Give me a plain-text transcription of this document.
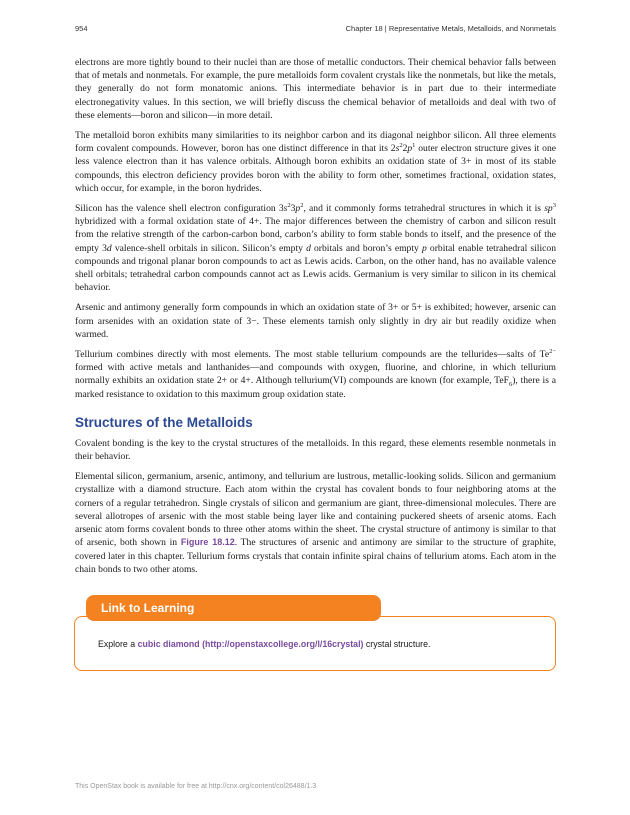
954	Chapter 18 | Representative Metals, Metalloids, and Nonmetals

electrons are more tightly bound to their nuclei than are those of metallic conductors. Their chemical behavior falls between that of metals and nonmetals. For example, the pure metalloids form covalent crystals like the nonmetals, but like the metals, they generally do not form monatomic anions. This intermediate behavior is in part due to their intermediate electronegativity values. In this section, we will briefly discuss the chemical behavior of metalloids and deal with two of these elements—boron and silicon—in more detail.

The metalloid boron exhibits many similarities to its neighbor carbon and its diagonal neighbor silicon. All three elements form covalent compounds. However, boron has one distinct difference in that its $2s^22p^1$ outer electron structure gives it one less valence electron than it has valence orbitals. Although boron exhibits an oxidation state of 3+ in most of its stable compounds, this electron deficiency provides boron with the ability to form other, sometimes fractional, oxidation states, which occur, for example, in the boron hydrides.

Silicon has the valence shell electron configuration $3s^23p^2$, and it commonly forms tetrahedral structures in which it is $sp^3$ hybridized with a formal oxidation state of 4+. The major differences between the chemistry of carbon and silicon result from the relative strength of the carbon-carbon bond, carbon’s ability to form stable bonds to itself, and the presence of the empty 3d valence-shell orbitals in silicon. Silicon’s empty d orbitals and boron’s empty p orbital enable tetrahedral silicon compounds and trigonal planar boron compounds to act as Lewis acids. Carbon, on the other hand, has no available valence shell orbitals; tetrahedral carbon compounds cannot act as Lewis acids. Germanium is very similar to silicon in its chemical behavior.

Arsenic and antimony generally form compounds in which an oxidation state of 3+ or 5+ is exhibited; however, arsenic can form arsenides with an oxidation state of 3−. These elements tarnish only slightly in dry air but readily oxidize when warmed.

Tellurium combines directly with most elements. The most stable tellurium compounds are the tellurides—salts of $Te^{2-}$ formed with active metals and lanthanides—and compounds with oxygen, fluorine, and chlorine, in which tellurium normally exhibits an oxidation state 2+ or 4+. Although tellurium(VI) compounds are known (for example, TeF$_6$), there is a marked resistance to oxidation to this maximum group oxidation state.

Structures of the Metalloids

Covalent bonding is the key to the crystal structures of the metalloids. In this regard, these elements resemble nonmetals in their behavior.

Elemental silicon, germanium, arsenic, antimony, and tellurium are lustrous, metallic-looking solids. Silicon and germanium crystallize with a diamond structure. Each atom within the crystal has covalent bonds to four neighboring atoms at the corners of a regular tetrahedron. Single crystals of silicon and germanium are giant, three-dimensional molecules. There are several allotropes of arsenic with the most stable being layer like and containing puckered sheets of arsenic atoms. Each arsenic atom forms covalent bonds to three other atoms within the sheet. The crystal structure of antimony is similar to that of arsenic, both shown in Figure 18.12. The structures of arsenic and antimony are similar to the structure of graphite, covered later in this chapter. Tellurium forms crystals that contain infinite spiral chains of tellurium atoms. Each atom in the chain bonds to two other atoms.

Link to Learning
Explore a cubic diamond (http://openstaxcollege.org/l/16crystal) crystal structure.
This OpenStax book is available for free at http://cnx.org/content/col26488/1.3
